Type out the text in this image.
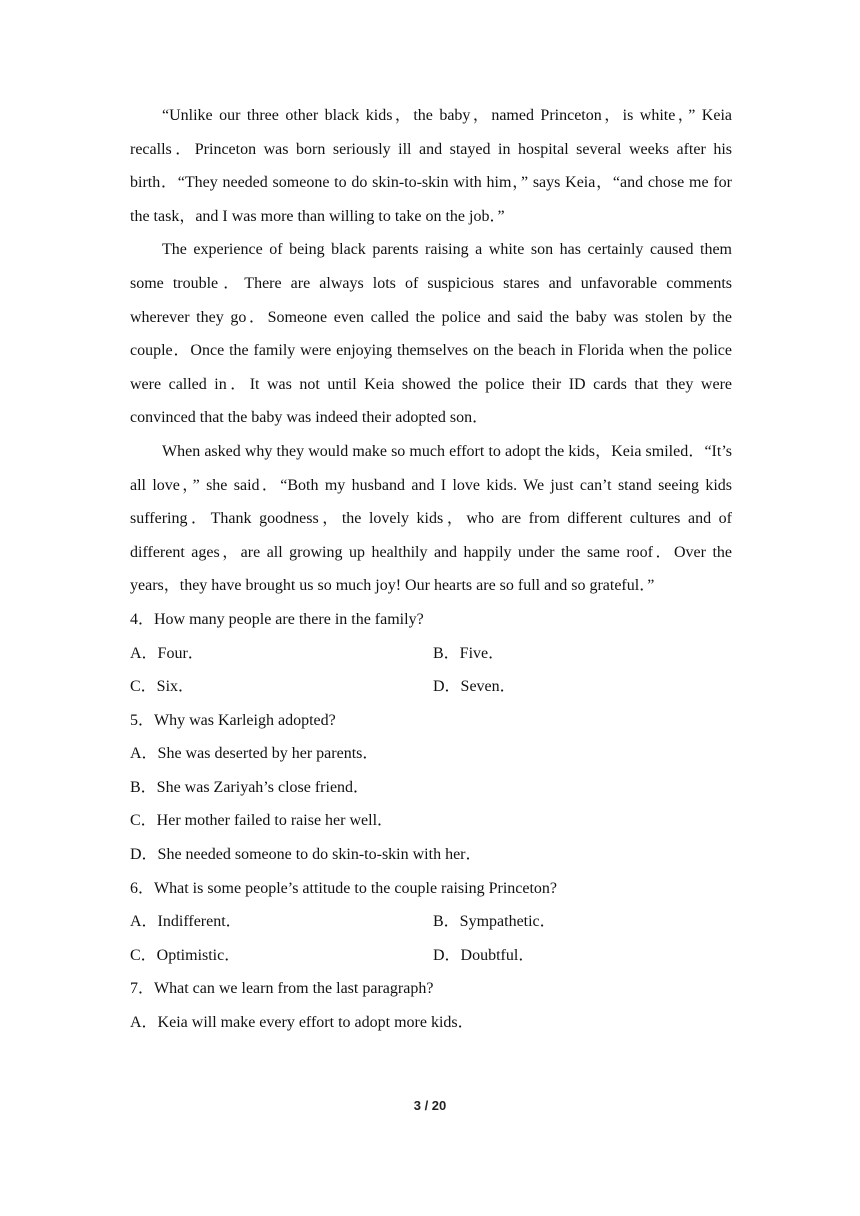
“Unlike our three other black kids，the baby，named Princeton，is white，” Keia recalls．Princeton was born seriously ill and stayed in hospital several weeks after his birth．“They needed someone to do skin-to-skin with him，” says Keia，“and chose me for the task，and I was more than willing to take on the job．”

The experience of being black parents raising a white son has certainly caused them some trouble．There are always lots of suspicious stares and unfavorable comments wherever they go．Someone even called the police and said the baby was stolen by the couple．Once the family were enjoying themselves on the beach in Florida when the police were called in．It was not until Keia showed the police their ID cards that they were convinced that the baby was indeed their adopted son．

When asked why they would make so much effort to adopt the kids，Keia smiled．“It’s all love，” she said．“Both my husband and I love kids. We just can’t stand seeing kids suffering．Thank goodness，the lovely kids，who are from different cultures and of different ages，are all growing up healthily and happily under the same roof．Over the years，they have brought us so much joy! Our hearts are so full and so grateful．”

4．How many people are there in the family?

A．Four．	B．Five．
C．Six．	D．Seven．

5．Why was Karleigh adopted?

A．She was deserted by her parents．

B．She was Zariyah’s close friend．

C．Her mother failed to raise her well．

D．She needed someone to do skin-to-skin with her．

6．What is some people’s attitude to the couple raising Princeton?

A．Indifferent．	B．Sympathetic．
C．Optimistic．	D．Doubtful．

7．What can we learn from the last paragraph?

A．Keia will make every effort to adopt more kids．

3 / 20
